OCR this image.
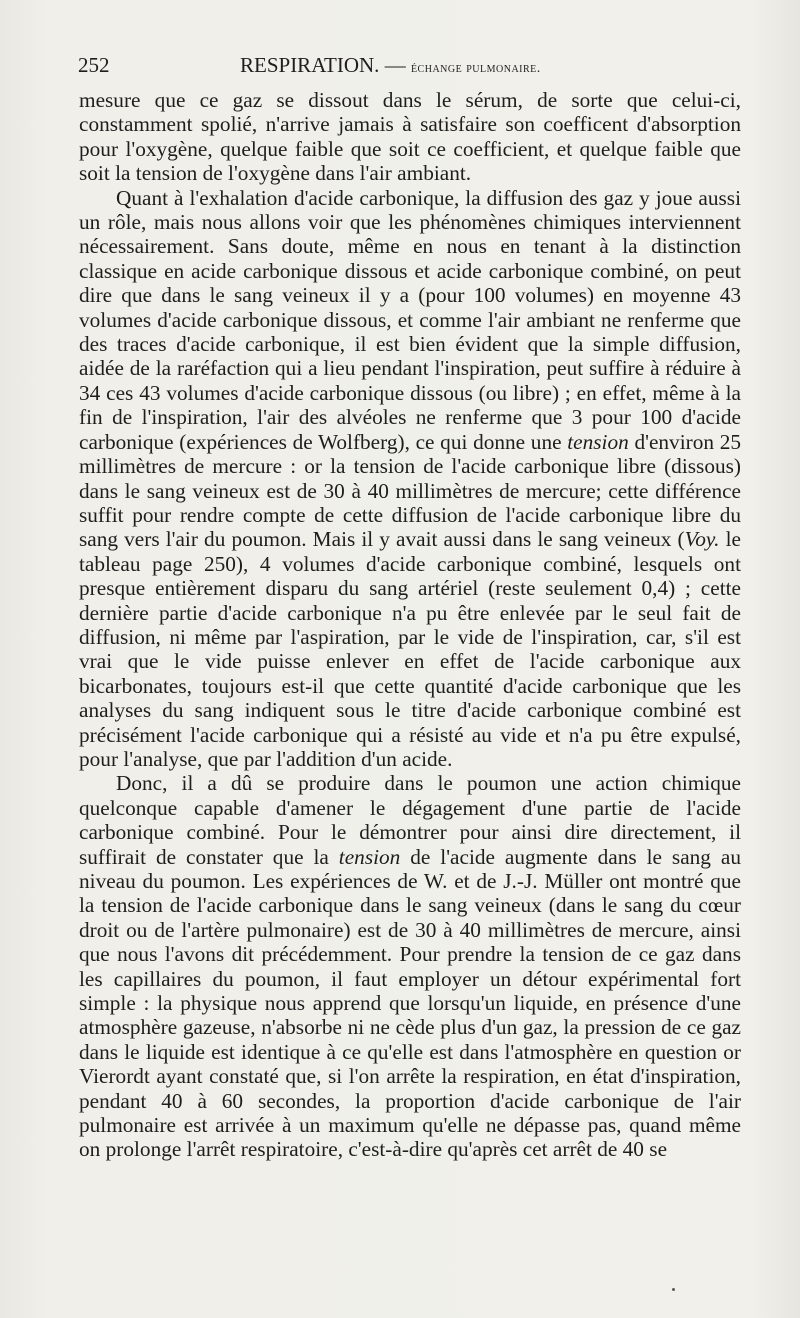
252	RESPIRATION. — échange pulmonaire.

mesure que ce gaz se dissout dans le sérum, de sorte que celui-ci, constamment spolié, n'arrive jamais à satisfaire son coefficent d'absorption pour l'oxygène, quelque faible que soit ce coefficient, et quelque faible que soit la tension de l'oxygène dans l'air ambiant.

Quant à l'exhalation d'acide carbonique, la diffusion des gaz y joue aussi un rôle, mais nous allons voir que les phénomènes chimiques interviennent nécessairement. Sans doute, même en nous en tenant à la distinction classique en acide carbonique dissous et acide carbonique combiné, on peut dire que dans le sang veineux il y a (pour 100 volumes) en moyenne 43 volumes d'acide carbonique dissous, et comme l'air ambiant ne renferme que des traces d'acide carbonique, il est bien évident que la simple diffusion, aidée de la raréfaction qui a lieu pendant l'inspiration, peut suffire à réduire à 34 ces 43 volumes d'acide carbonique dissous (ou libre) ; en effet, même à la fin de l'inspiration, l'air des alvéoles ne renferme que 3 pour 100 d'acide carbonique (expériences de Wolfberg), ce qui donne une tension d'environ 25 millimètres de mercure : or la tension de l'acide carbonique libre (dissous) dans le sang veineux est de 30 à 40 millimètres de mercure; cette différence suffit pour rendre compte de cette diffusion de l'acide carbonique libre du sang vers l'air du poumon. Mais il y avait aussi dans le sang veineux (Voy. le tableau page 250), 4 volumes d'acide carbonique combiné, lesquels ont presque entièrement disparu du sang artériel (reste seulement 0,4) ; cette dernière partie d'acide carbonique n'a pu être enlevée par le seul fait de diffusion, ni même par l'aspiration, par le vide de l'inspiration, car, s'il est vrai que le vide puisse enlever en effet de l'acide carbonique aux bicarbonates, toujours est-il que cette quantité d'acide carbonique que les analyses du sang indiquent sous le titre d'acide carbonique combiné est précisément l'acide carbonique qui a résisté au vide et n'a pu être expulsé, pour l'analyse, que par l'addition d'un acide.

Donc, il a dû se produire dans le poumon une action chimique quelconque capable d'amener le dégagement d'une partie de l'acide carbonique combiné. Pour le démontrer pour ainsi dire directement, il suffirait de constater que la tension de l'acide augmente dans le sang au niveau du poumon. Les expériences de W. et de J.-J. Müller ont montré que la tension de l'acide carbonique dans le sang veineux (dans le sang du cœur droit ou de l'artère pulmonaire) est de 30 à 40 millimètres de mercure, ainsi que nous l'avons dit précédemment. Pour prendre la tension de ce gaz dans les capillaires du poumon, il faut employer un détour expérimental fort simple : la physique nous apprend que lorsqu'un liquide, en présence d'une atmosphère gazeuse, n'absorbe ni ne cède plus d'un gaz, la pression de ce gaz dans le liquide est identique à ce qu'elle est dans l'atmosphère en question or Vierordt ayant constaté que, si l'on arrête la respiration, en état d'inspiration, pendant 40 à 60 secondes, la proportion d'acide carbonique de l'air pulmonaire est arrivée à un maximum qu'elle ne dépasse pas, quand même on prolonge l'arrêt respiratoire, c'est-à-dire qu'après cet arrêt de 40 se
